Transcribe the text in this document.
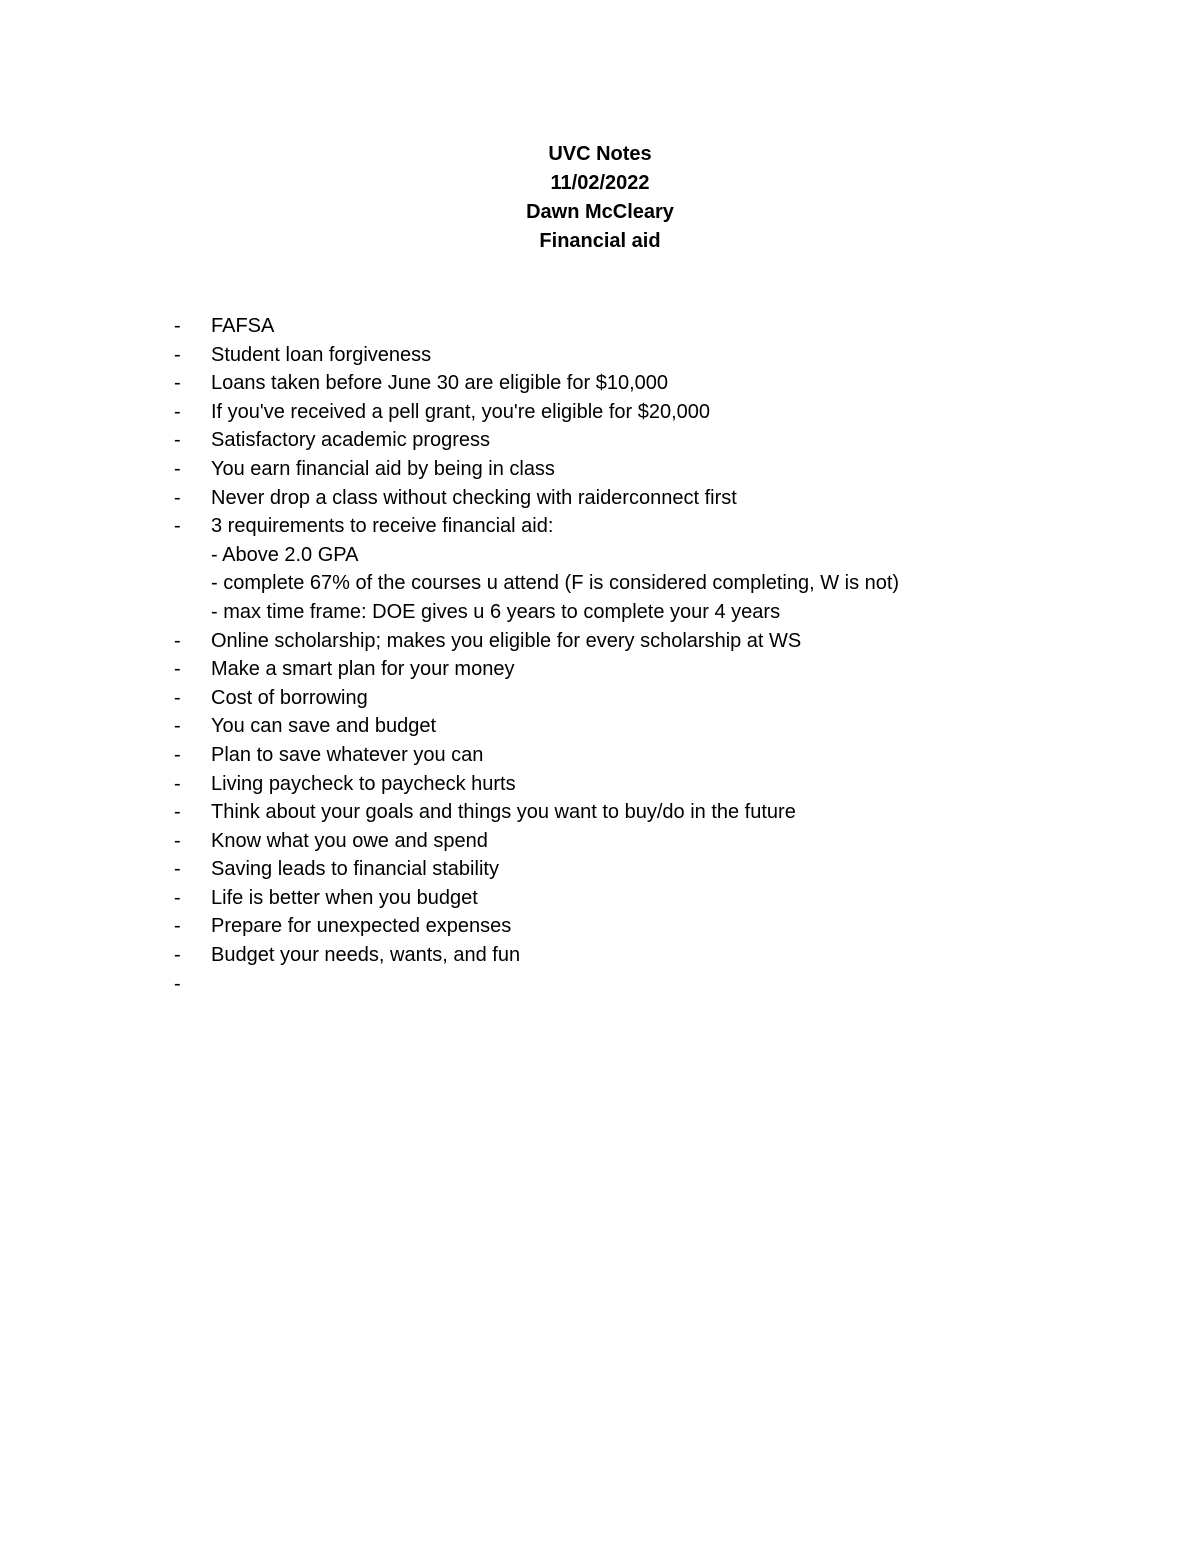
UVC Notes
11/02/2022
Dawn McCleary
Financial aid
- FAFSA
- Student loan forgiveness
- Loans taken before June 30 are eligible for $10,000
- If you've received a pell grant, you're eligible for $20,000
- Satisfactory academic progress
- You earn financial aid by being in class
- Never drop a class without checking with raiderconnect first
- 3 requirements to receive financial aid:
- Above 2.0 GPA
- complete 67% of the courses u attend (F is considered completing, W is not)
- max time frame: DOE gives u 6 years to complete your 4 years
- Online scholarship; makes you eligible for every scholarship at WS
- Make a smart plan for your money
- Cost of borrowing
- You can save and budget
- Plan to save whatever you can
- Living paycheck to paycheck hurts
- Think about your goals and things you want to buy/do in the future
- Know what you owe and spend
- Saving leads to financial stability
- Life is better when you budget
- Prepare for unexpected expenses
- Budget your needs, wants, and fun
-
